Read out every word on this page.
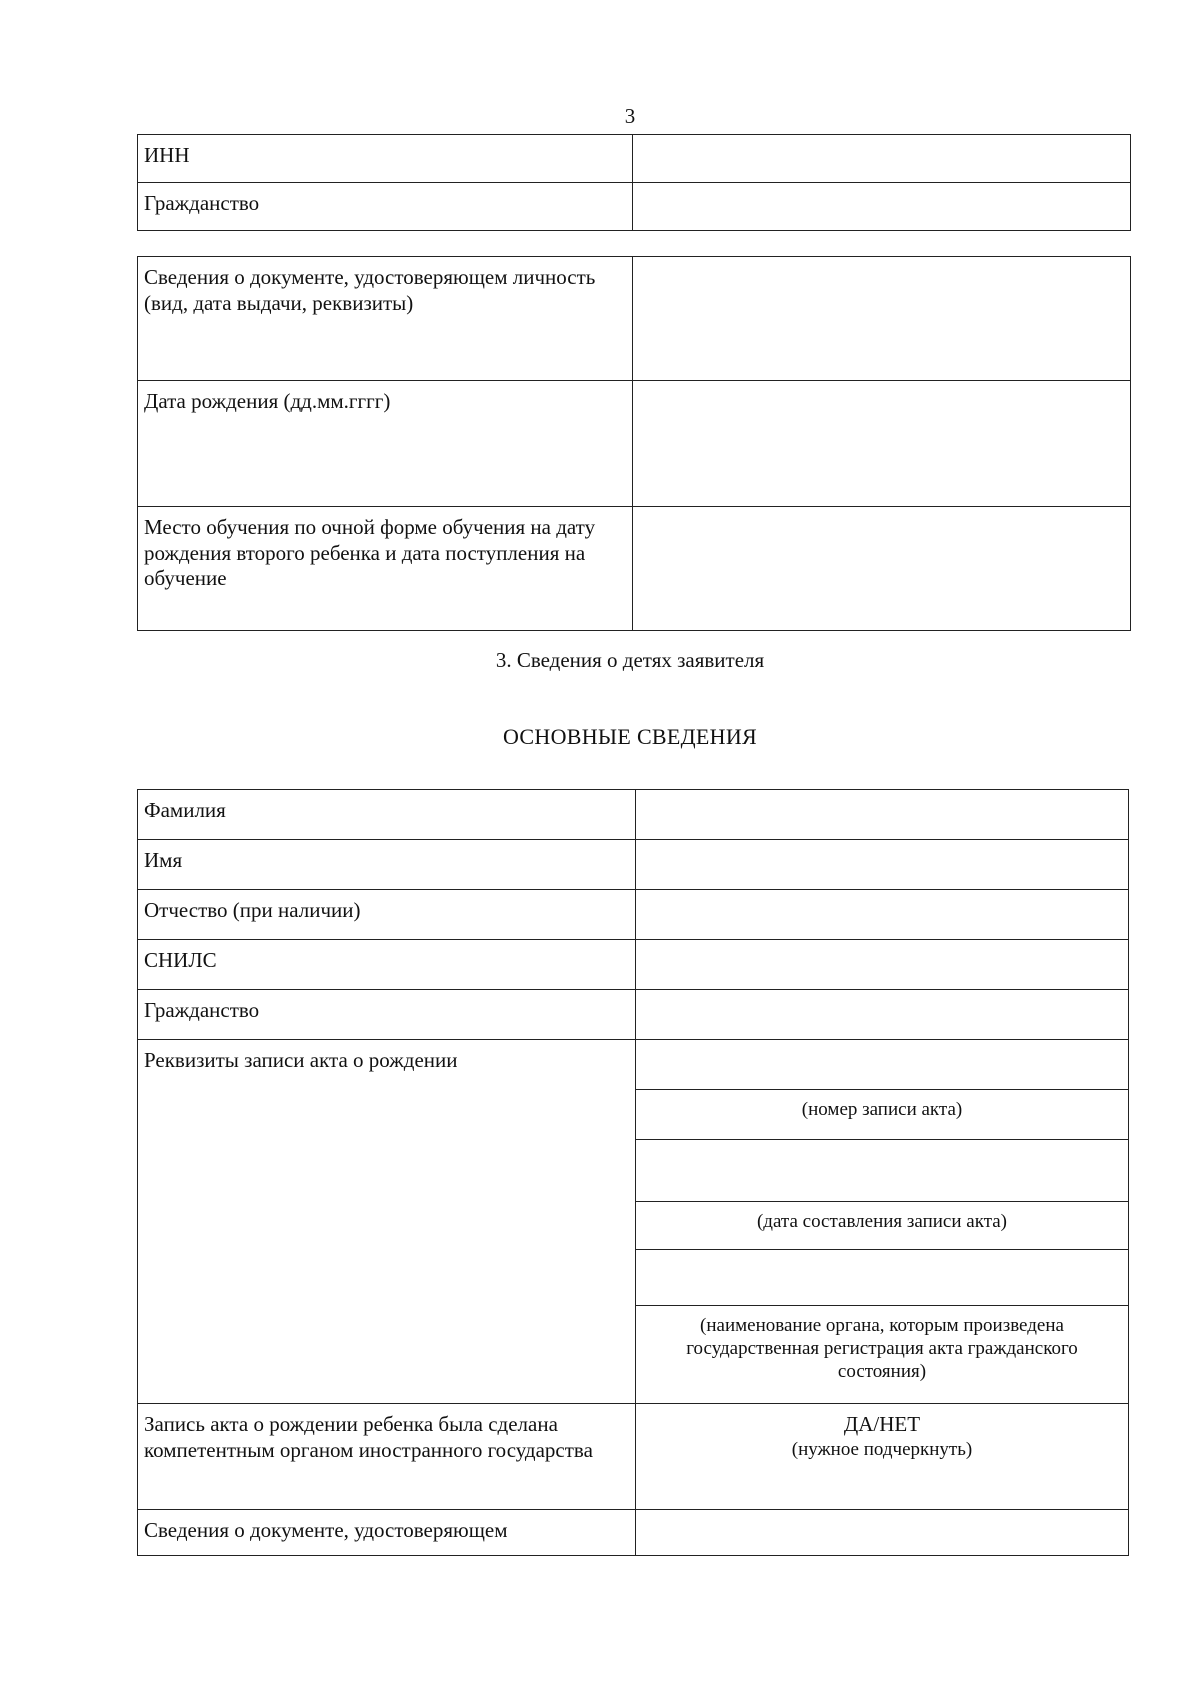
3
ИНН	
Гражданство	
Сведения о документе, удостоверяющем личность (вид, дата выдачи, реквизиты)	
Дата рождения (дд.мм.гггг)	
Место обучения по очной форме обучения на дату рождения второго ребенка и дата поступления на обучение	
3. Сведения о детях заявителя
ОСНОВНЫЕ СВЕДЕНИЯ
Фамилия	
Имя	
Отчество (при наличии)	
СНИЛС	
Гражданство	
Реквизиты записи акта о рождении	
	(номер записи акта)

	(дата составления записи акта)

	(наименование органа, которым произведена государственная регистрация акта гражданского состояния)
Запись акта о рождении ребенка была сделана компетентным органом иностранного государства	ДА/НЕТ
(нужное подчеркнуть)

Сведения о документе, удостоверяющем	
